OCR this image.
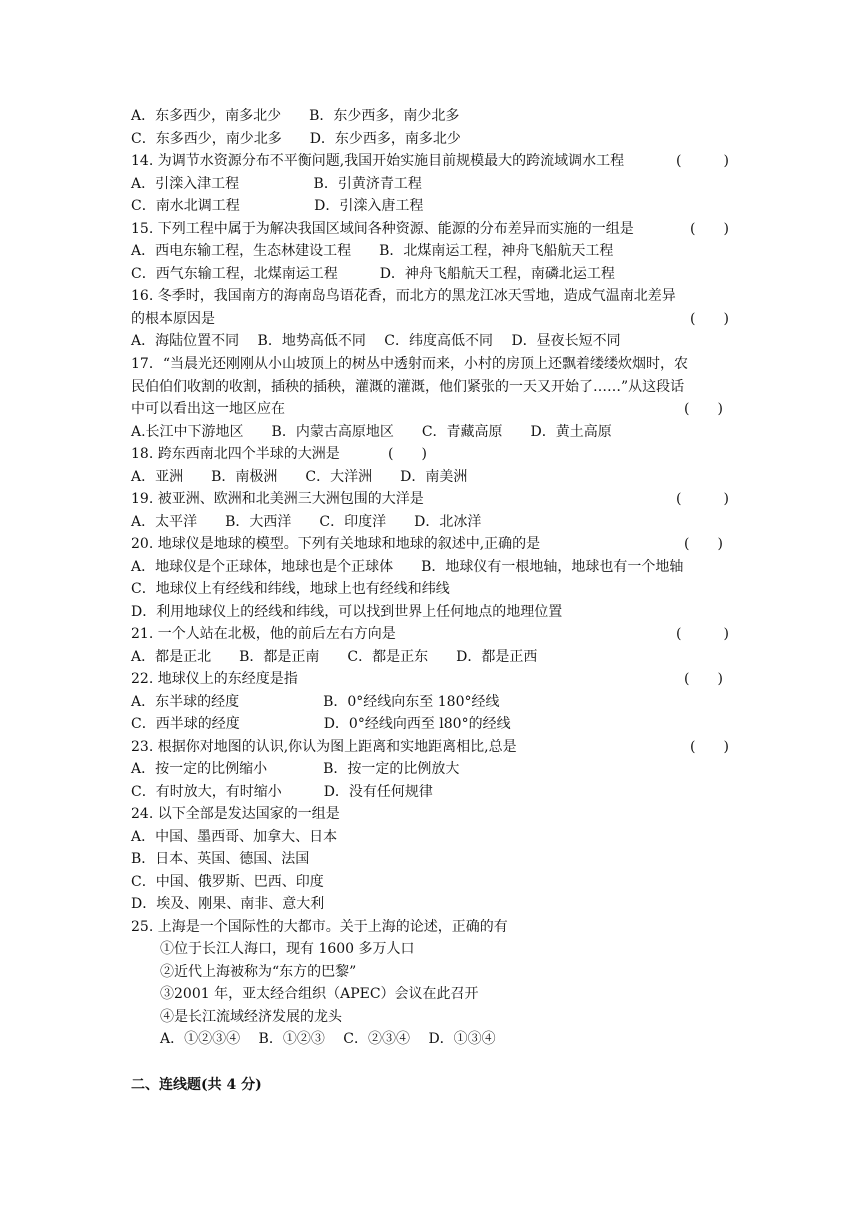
A．东多西少，南多北少　　B．东少西多，南少北多
C．东多西少，南少北多　　D．东少西多，南多北少
14. 为调节水资源分布不平衡问题,我国开始实施目前规模最大的跨流域调水工程	(　　　)
A．引滦入津工程　　　　　 B．引黄济青工程
C．南水北调工程　　　　　 D．引滦入唐工程
15. 下列工程中属于为解决我国区域间各种资源、能源的分布差异而实施的一组是	(　　)
A．西电东输工程，生态林建设工程　　B．北煤南运工程，神舟飞船航天工程
C．西气东输工程，北煤南运工程　　　D．神舟飞船航天工程，南磷北运工程
16. 冬季时，我国南方的海南岛鸟语花香，而北方的黑龙江冰天雪地，造成气温南北差异
的根本原因是	(　　)
A．海陆位置不同　 B．地势高低不同　 C．纬度高低不同　 D．昼夜长短不同
17．“当晨光还刚刚从小山坡顶上的树丛中透射而来，小村的房顶上还飘着缕缕炊烟时，农
民伯伯们收割的收割，插秧的插秧，灌溉的灌溉，他们紧张的一天又开始了……”从这段话
中可以看出这一地区应在	(　　)
A.长江中下游地区　　B．内蒙古高原地区　　C．青藏高原　　D．黄土高原
18. 跨东西南北四个半球的大洲是	(　　)
A．亚洲　　B．南极洲　　C．大洋洲　　D．南美洲
19. 被亚洲、欧洲和北美洲三大洲包围的大洋是	(　　　)
A．太平洋　　B．大西洋　　C．印度洋　　D．北冰洋
20. 地球仪是地球的模型。下列有关地球和地球的叙述中,正确的是	(　　)
A．地球仪是个正球体，地球也是个正球体　　B．地球仪有一根地轴，地球也有一个地轴
C．地球仪上有经线和纬线，地球上也有经线和纬线
D．利用地球仪上的经线和纬线，可以找到世界上任何地点的地理位置
21. 一个人站在北极，他的前后左右方向是	(　　　)
A．都是正北　　B．都是正南　　C．都是正东　　D．都是正西
22. 地球仪上的东经度是指	(　　)
A．东半球的经度　　　　　　B．0°经线向东至 180°经线
C．西半球的经度　　　　　　D．0°经线向西至 l80°的经线
23. 根据你对地图的认识,你认为图上距离和实地距离相比,总是	(　　)
A．按一定的比例缩小　　　　B．按一定的比例放大
C．有时放大，有时缩小　　　D．没有任何规律
24. 以下全部是发达国家的一组是
A．中国、墨西哥、加拿大、日本
B．日本、英国、德国、法国
C．中国、俄罗斯、巴西、印度
D．埃及、刚果、南非、意大利
25. 上海是一个国际性的大都市。关于上海的论述，正确的有
①位于长江人海口，现有 1600 多万人口
②近代上海被称为“东方的巴黎”
③2001 年，亚太经合组织（APEC）会议在此召开
④是长江流域经济发展的龙头
A．①②③④　 B．①②③　 C．②③④　 D．①③④
二、连线题(共 4 分)
